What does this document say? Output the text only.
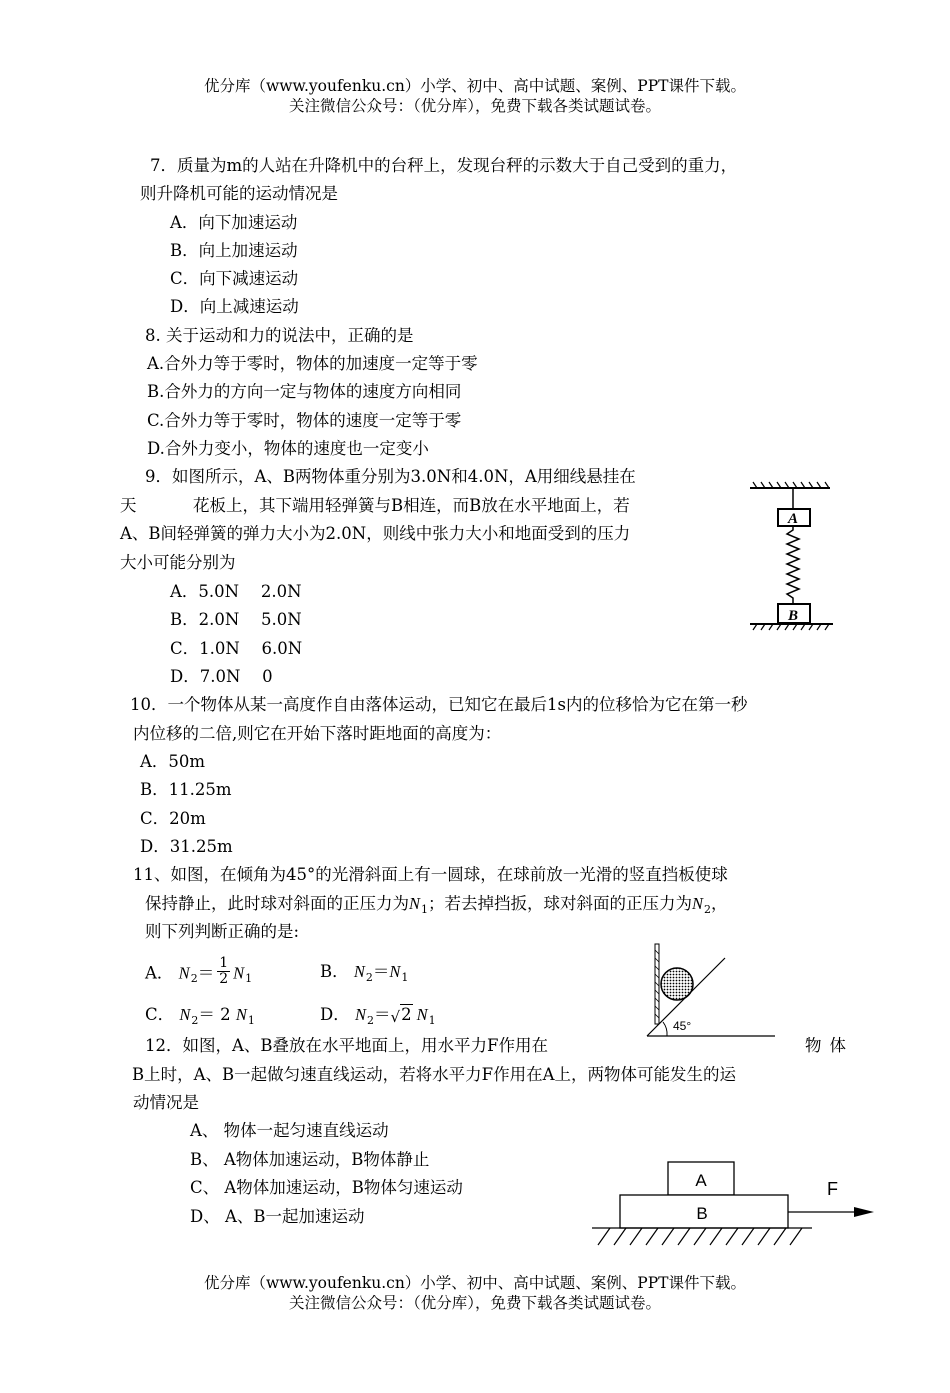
优分库（www.youfenku.cn）小学、初中、高中试题、案例、PPT课件下载。
关注微信公众号：（优分库），免费下载各类试题试卷。
7．质量为m的人站在升降机中的台秤上，发现台秤的示数大于自己受到的重力，
则升降机可能的运动情况是
A．向下加速运动
B．向上加速运动
C．向下减速运动
D．向上减速运动
8. 关于运动和力的说法中，正确的是
A.合外力等于零时，物体的加速度一定等于零
B.合外力的方向一定与物体的速度方向相同
C.合外力等于零时，物体的速度一定等于零
D.合外力变小，物体的速度也一定变小
9．如图所示，A、B两物体重分别为3.0N和4.0N，A用细线悬挂在
天	花板上，其下端用轻弹簧与B相连，而B放在水平地面上，若
A、B间轻弹簧的弹力大小为2.0N，则线中张力大小和地面受到的压力
大小可能分别为
A．5.0N　 2.0N
B．2.0N　 5.0N
C．1.0N　 6.0N
D．7.0N　 0
A
B
10．一个物体从某一高度作自由落体运动，已知它在最后1s内的位移恰为它在第一秒
内位移的二倍,则它在开始下落时距地面的高度为：
A．50m
B．11.25m
C．20m
D．31.25m
11、如图，在倾角为45°的光滑斜面上有一圆球，在球前放一光滑的竖直挡板使球
保持静止，此时球对斜面的正压力为$N_1$；若去掉挡扳，球对斜面的正压力为$N_2$，
则下列判断正确的是:
A． $N_2= \frac{1}{2} N_1$	B． $N_2=N_1$
C． $N_2= 2$ $N_1$	D． $N_2=√2$ $N_1$	45°
12．如图，A、B叠放在水平地面上，用水平力F作用在	物体
B上时，A、B一起做匀速直线运动，若将水平力F作用在A上，两物体可能发生的运
动情况是
A、 物体一起匀速直线运动
B、 A物体加速运动，B物体静止
C、 A物体加速运动，B物体匀速运动
D、 A、B一起加速运动
A
B
F
优分库（www.youfenku.cn）小学、初中、高中试题、案例、PPT课件下载。
关注微信公众号：（优分库），免费下载各类试题试卷。
